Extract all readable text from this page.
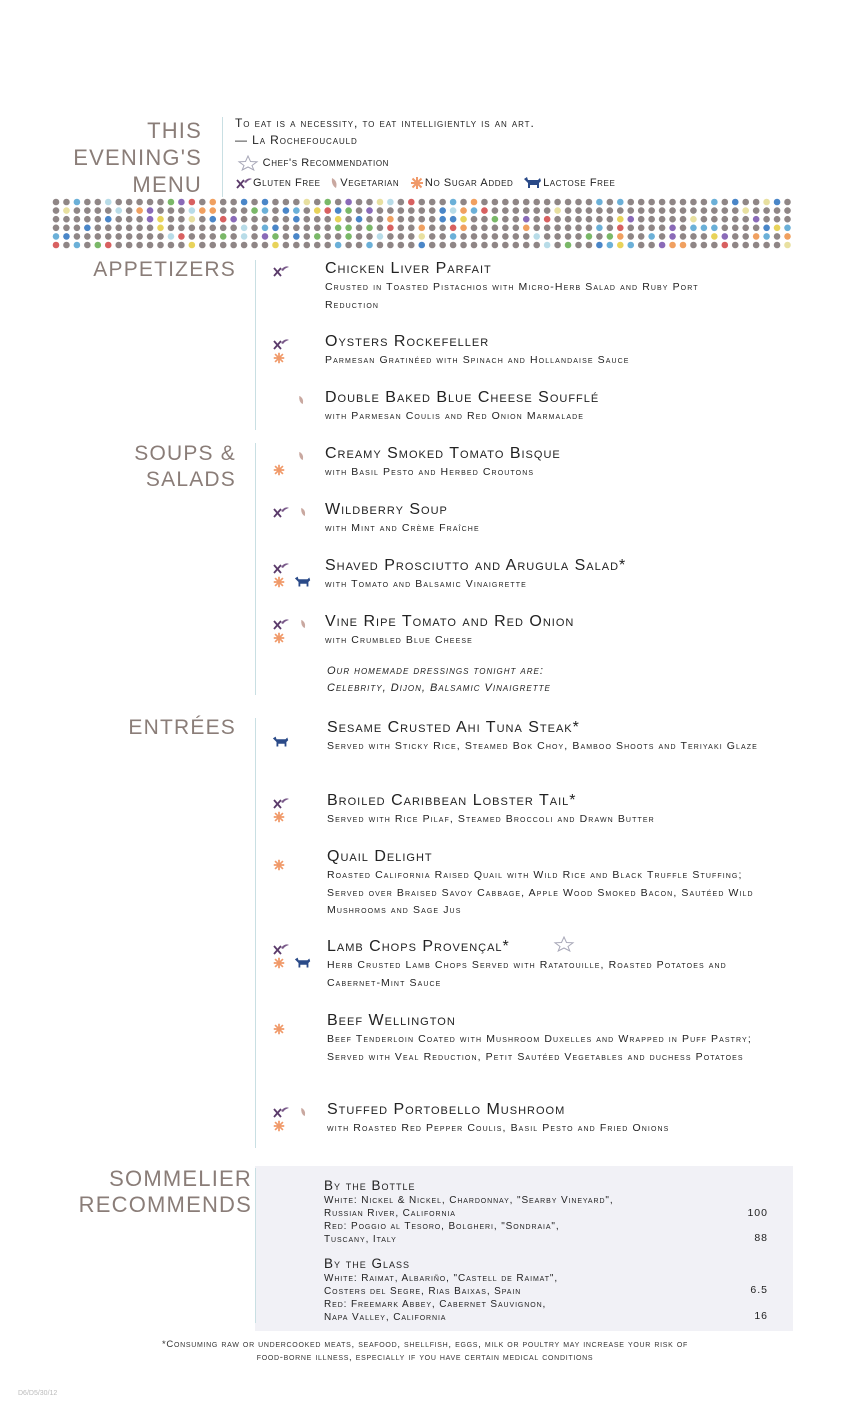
THIS
EVENING'S
MENU
To eat is a necessity, to eat intelligiently is an art.
— La Rochefoucauld
Chef's Recommendation
Gluten Free Vegetarian No Sugar Added	Lactose Free
APPETIZERS
SOUPS &
SALADS
Our homemade dressings tonight are:
Celebrity, Dijon, Balsamic Vinaigrette
ENTRÉES
SOMMELIER
RECOMMENDS
By the Bottle
White: Nickel & Nickel, Chardonnay, "Searby Vineyard",
Russian River, California
Red: Poggio al Tesoro, Bolgheri, "Sondraia",
Tuscany, Italy
By the Glass
White: Raimat, Albariño, "Castell de Raimat",
Costers del Segre, Rias Baixas, Spain
Red: Freemark Abbey, Cabernet Sauvignon,
Napa Valley, California
100
88
6.5
16
*Consuming raw or undercooked meats, seafood, shellfish, eggs, milk or poultry may increase your risk of
food-borne illness, especially if you have certain medical conditions
D6/D5/30/12
Chicken Liver Parfait
Crusted in Toasted Pistachios with Micro-Herb Salad and Ruby Port Reduction
Oysters Rockefeller
Parmesan Gratinéed with Spinach and Hollandaise Sauce
Double Baked Blue Cheese Soufflé
with Parmesan Coulis and Red Onion Marmalade
Creamy Smoked Tomato Bisque
with Basil Pesto and Herbed Croutons
Wildberry Soup
with Mint and Crème Fraîche
Shaved Prosciutto and Arugula Salad*
with Tomato and Balsamic Vinaigrette
Vine Ripe Tomato and Red Onion
with Crumbled Blue Cheese
Sesame Crusted Ahi Tuna Steak*
Served with Sticky Rice, Steamed Bok Choy, Bamboo Shoots and Teriyaki Glaze
Broiled Caribbean Lobster Tail*
Served with Rice Pilaf, Steamed Broccoli and Drawn Butter
Quail Delight
Roasted California Raised Quail with Wild Rice and Black Truffle Stuffing; Served over Braised Savoy Cabbage, Apple Wood Smoked Bacon, Sautéed Wild Mushrooms and Sage Jus
Lamb Chops Provençal*
Herb Crusted Lamb Chops Served with Ratatouille, Roasted Potatoes and Cabernet-Mint Sauce
Beef Wellington
Beef Tenderloin Coated with Mushroom Duxelles and Wrapped in Puff Pastry; Served with Veal Reduction, Petit Sautéed Vegetables and duchess Potatoes
Stuffed Portobello Mushroom
with Roasted Red Pepper Coulis, Basil Pesto and Fried Onions
